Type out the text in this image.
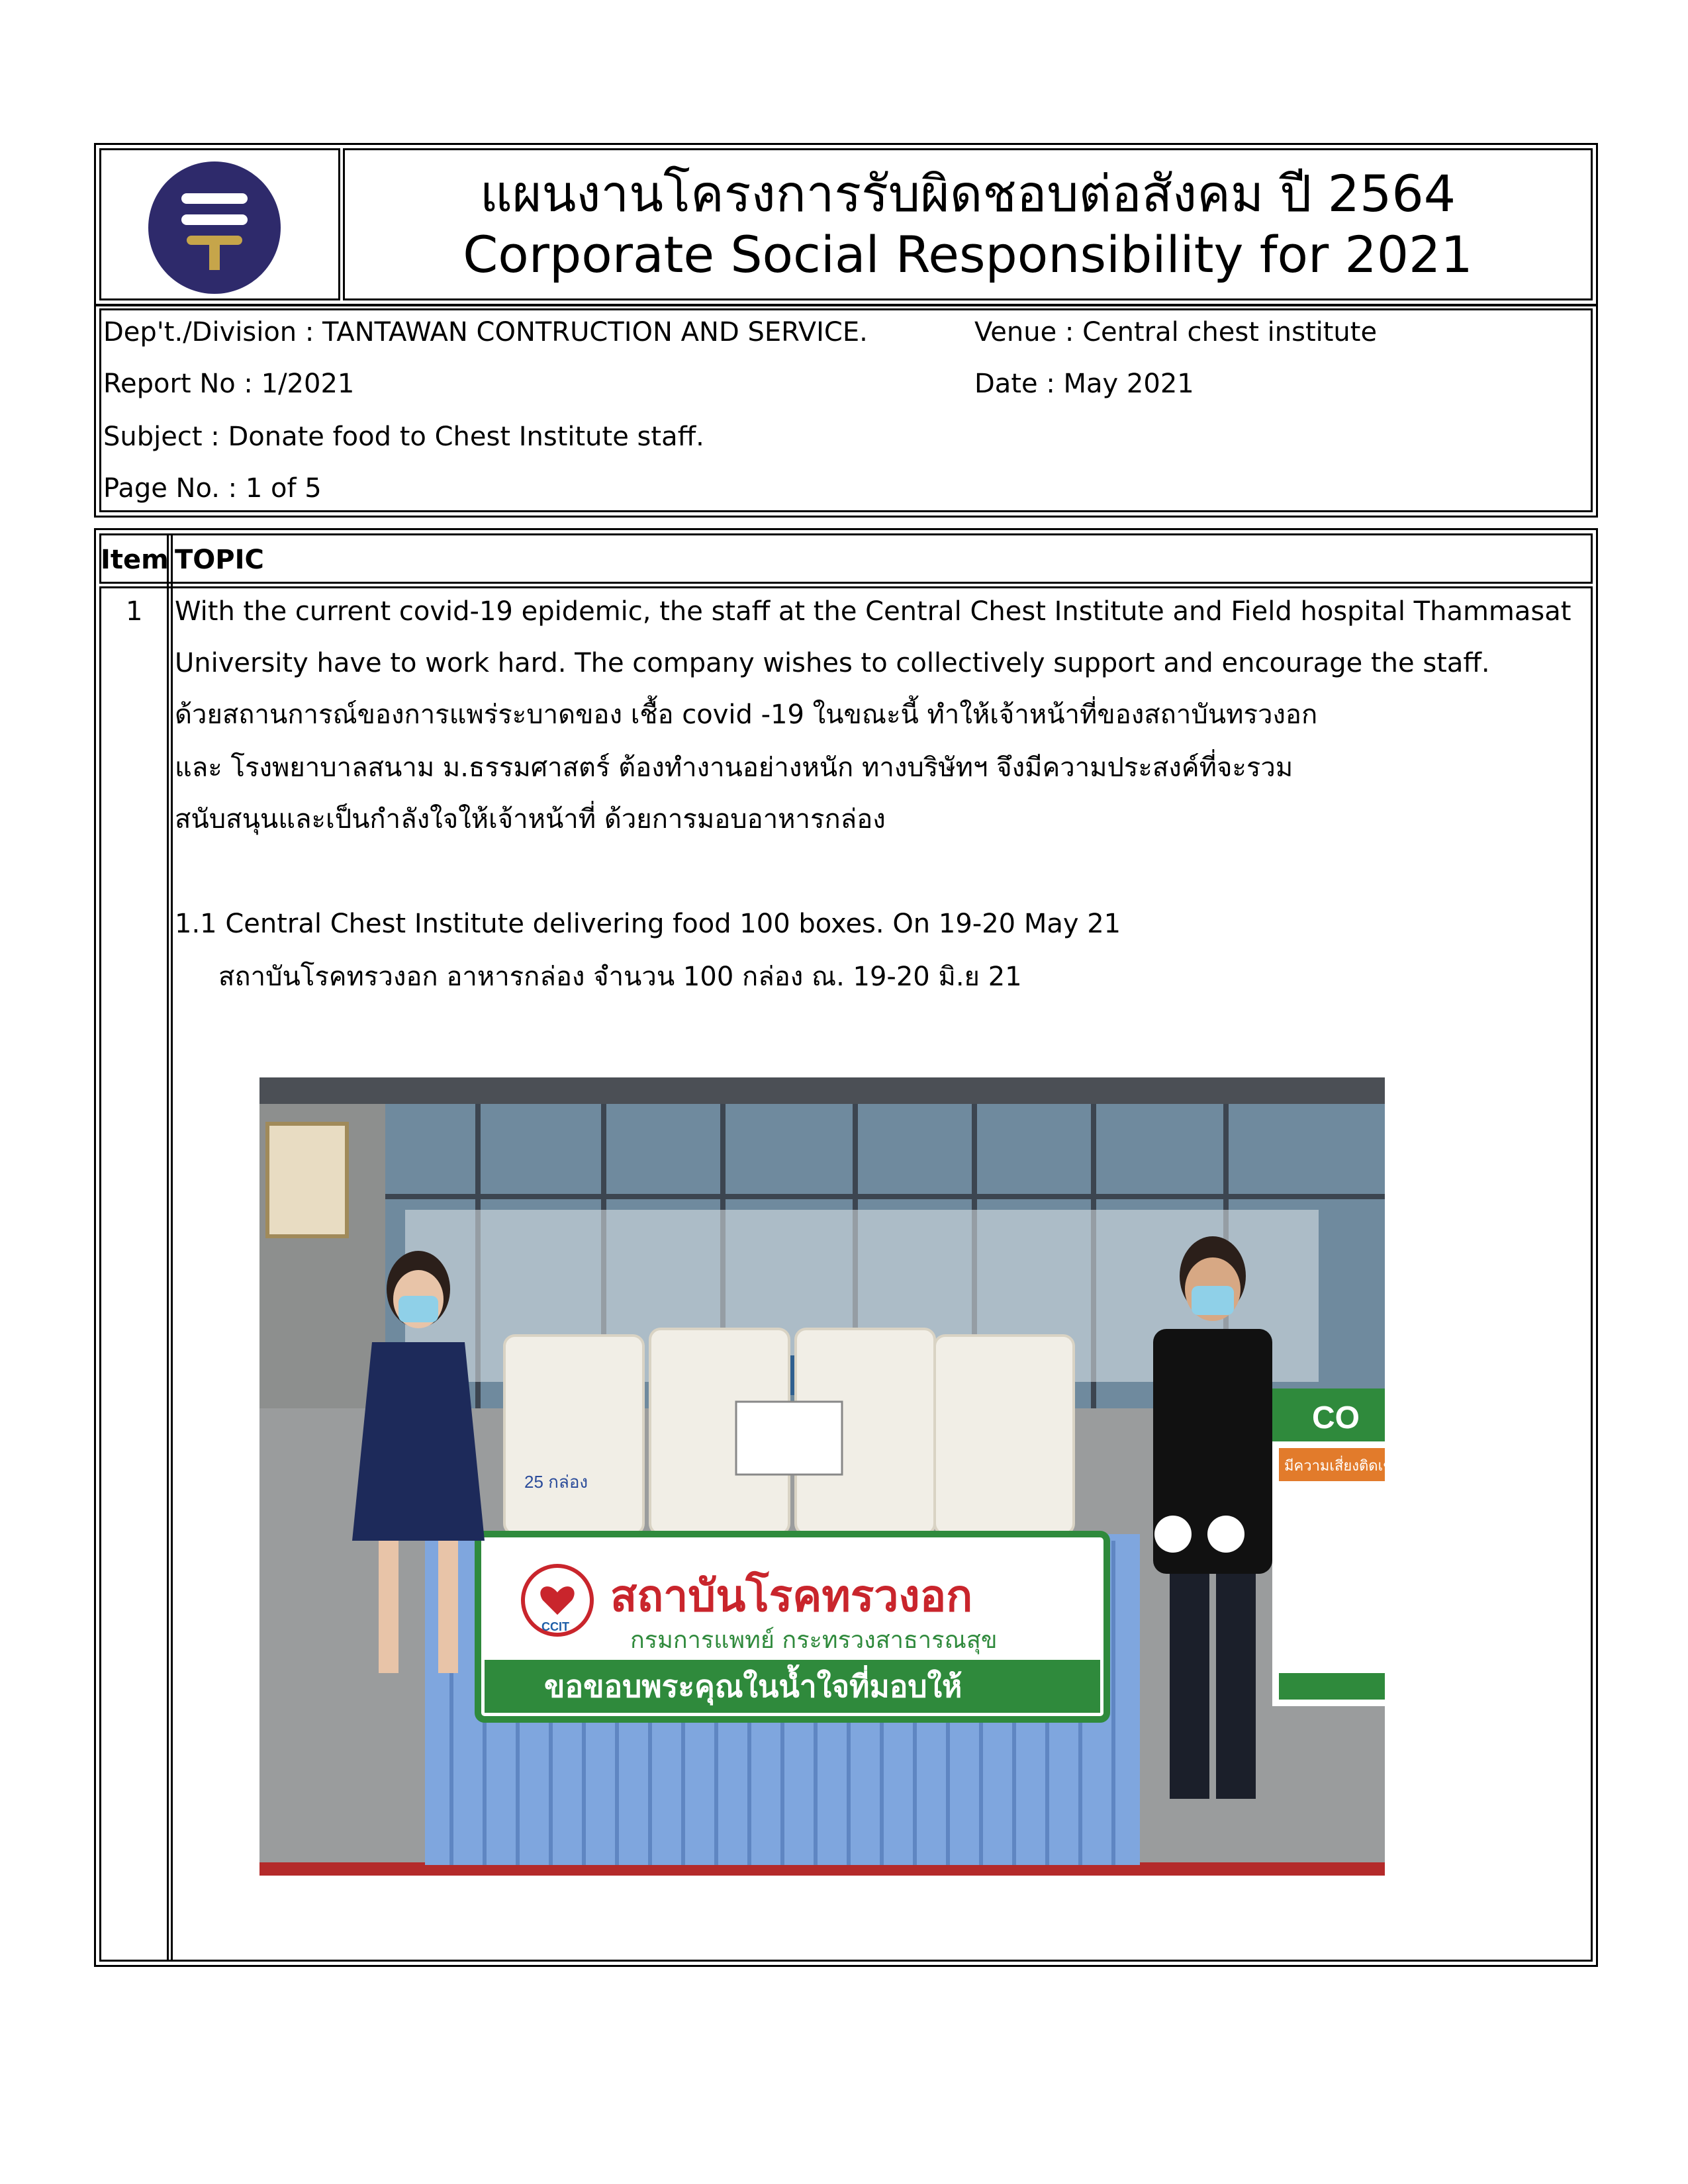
แผนงานโครงการรับผิดชอบต่อสังคม ปี 2564
Corporate Social Responsibility for 2021
Dep't./Division : TANTAWAN CONTRUCTION AND SERVICE.	Venue : Central chest institute
Report No : 1/2021	Date : May 2021
Subject : Donate food to Chest Institute staff.
Page No. : 1 of 5
Item TOPIC
1 With the current covid-19 epidemic, the staff at the Central Chest Institute and Field hospital Thammasat
University have to work hard. The company wishes to collectively support and encourage the staff.
ด้วยสถานการณ์ของการแพร่ระบาดของ เชื้อ covid -19 ในขณะนี้ ทำให้เจ้าหน้าที่ของสถาบันทรวงอก
และ โรงพยาบาลสนาม ม.ธรรมศาสตร์ ต้องทำงานอย่างหนัก ทางบริษัทฯ จึงมีความประสงค์ที่จะรวม
สนับสนุนและเป็นกำลังใจให้เจ้าหน้าที่ ด้วยการมอบอาหารกล่อง
1.1 Central Chest Institute delivering food 100 boxes. On 19-20 May 21
สถาบันโรคทรวงอก อาหารกล่อง จำนวน 100 กล่อง ณ. 19-20 มิ.ย 21
25 กล่อง
CCIT
สถาบันโรคทรวงอก
กรมการแพทย์ กระทรวงสาธารณสุข
ขอขอบพระคุณในน้ำใจที่มอบให้
CO
มีความเสี่ยงติดเชื้อ
